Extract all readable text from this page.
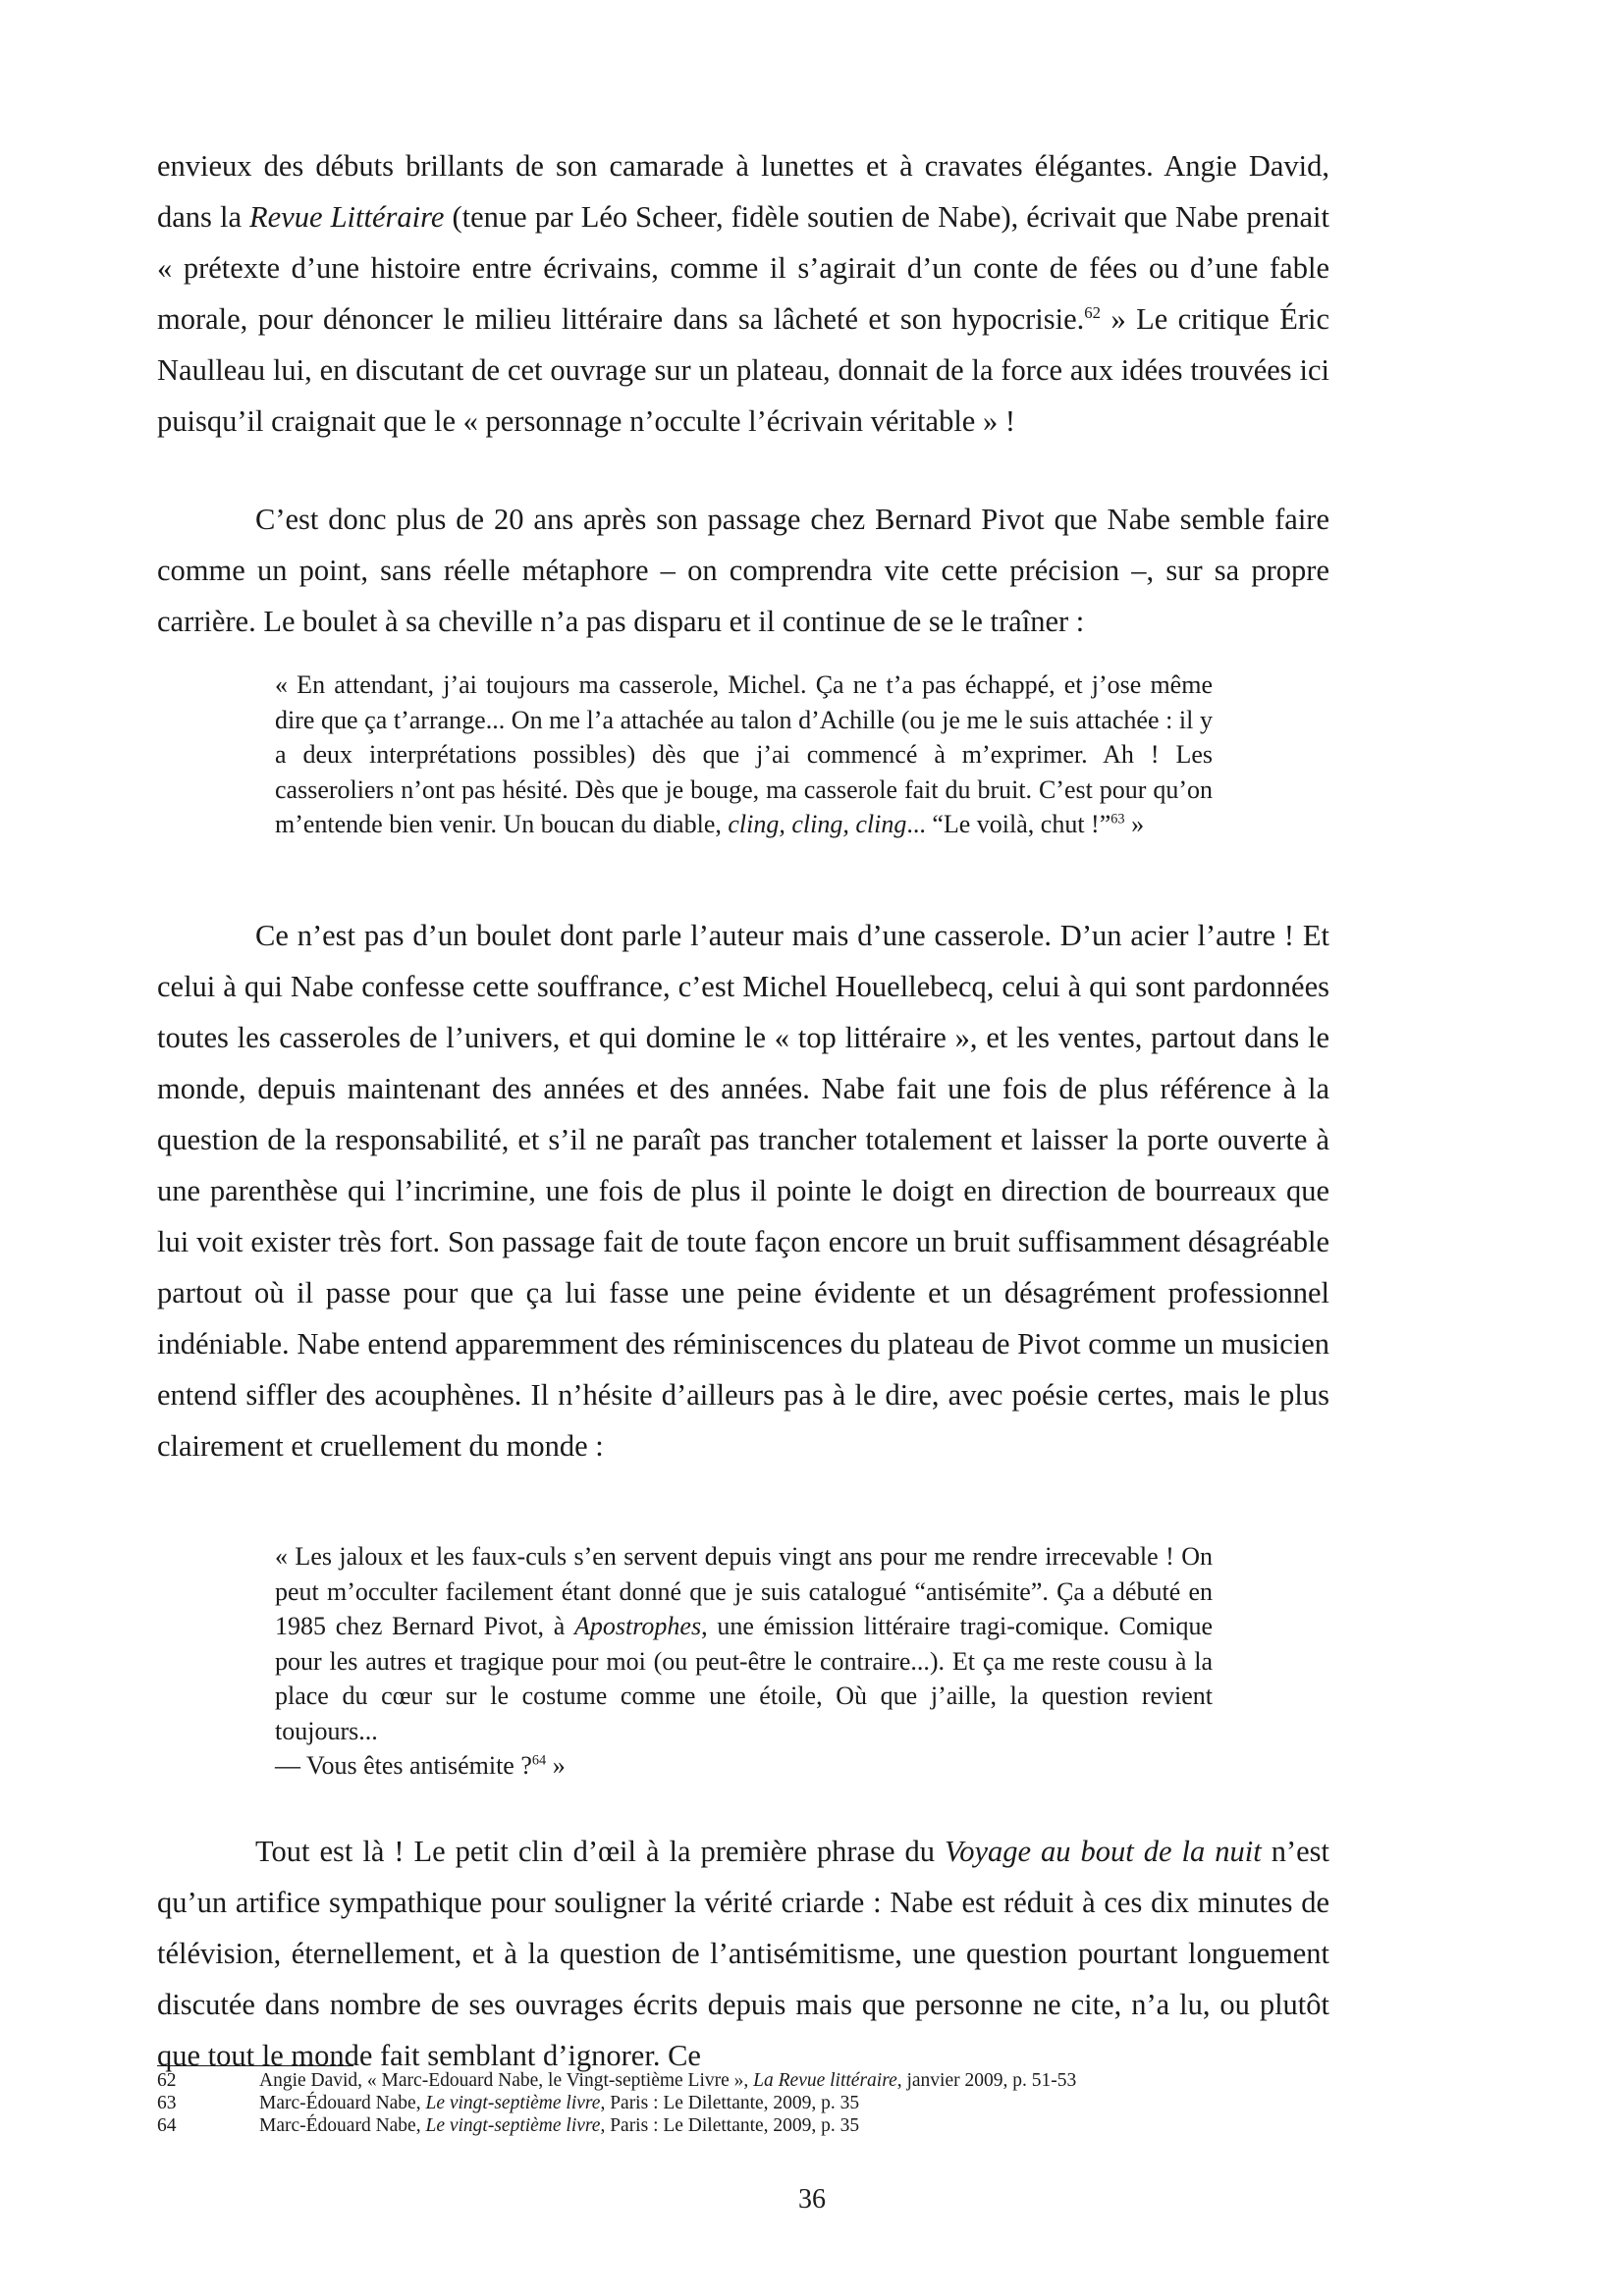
envieux des débuts brillants de son camarade à lunettes et à cravates élégantes. Angie David, dans la Revue Littéraire (tenue par Léo Scheer, fidèle soutien de Nabe), écrivait que Nabe prenait « prétexte d’une histoire entre écrivains, comme il s’agirait d’un conte de fées ou d’une fable morale, pour dénoncer le milieu littéraire dans sa lâcheté et son hypocrisie.$^{62}$ » Le critique Éric Naulleau lui, en discutant de cet ouvrage sur un plateau, donnait de la force aux idées trouvées ici puisqu’il craignait que le « personnage n’occulte l’écrivain véritable » !

C’est donc plus de 20 ans après son passage chez Bernard Pivot que Nabe semble faire comme un point, sans réelle métaphore – on comprendra vite cette précision –, sur sa propre carrière. Le boulet à sa cheville n’a pas disparu et il continue de se le traîner :

« En attendant, j’ai toujours ma casserole, Michel. Ça ne t’a pas échappé, et j’ose même dire que ça t’arrange... On me l’a attachée au talon d’Achille (ou je me le suis attachée : il y a deux interprétations possibles) dès que j’ai commencé à m’exprimer. Ah ! Les casseroliers n’ont pas hésité. Dès que je bouge, ma casserole fait du bruit. C’est pour qu’on m’entende bien venir. Un boucan du diable, cling, cling, cling... “Le voilà, chut !”$^{63}$ »

Ce n’est pas d’un boulet dont parle l’auteur mais d’une casserole. D’un acier l’autre ! Et celui à qui Nabe confesse cette souffrance, c’est Michel Houellebecq, celui à qui sont pardonnées toutes les casseroles de l’univers, et qui domine le « top littéraire », et les ventes, partout dans le monde, depuis maintenant des années et des années. Nabe fait une fois de plus référence à la question de la responsabilité, et s’il ne paraît pas trancher totalement et laisser la porte ouverte à une parenthèse qui l’incrimine, une fois de plus il pointe le doigt en direction de bourreaux que lui voit exister très fort. Son passage fait de toute façon encore un bruit suffisamment désagréable partout où il passe pour que ça lui fasse une peine évidente et un désagrément professionnel indéniable. Nabe entend apparemment des réminiscences du plateau de Pivot comme un musicien entend siffler des acouphènes. Il n’hésite d’ailleurs pas à le dire, avec poésie certes, mais le plus clairement et cruellement du monde :

« Les jaloux et les faux-culs s’en servent depuis vingt ans pour me rendre irrecevable ! On peut m’occulter facilement étant donné que je suis catalogué “antisémite”. Ça a débuté en 1985 chez Bernard Pivot, à Apostrophes, une émission littéraire tragi-comique. Comique pour les autres et tragique pour moi (ou peut-être le contraire...). Et ça me reste cousu à la place du cœur sur le costume comme une étoile, Où que j’aille, la question revient toujours...
— Vous êtes antisémite ?$^{64}$ »

Tout est là ! Le petit clin d’œil à la première phrase du Voyage au bout de la nuit n’est qu’un artifice sympathique pour souligner la vérité criarde : Nabe est réduit à ces dix minutes de télévision, éternellement, et à la question de l’antisémitisme, une question pourtant longuement discutée dans nombre de ses ouvrages écrits depuis mais que personne ne cite, n’a lu, ou plutôt que tout le monde fait semblant d’ignorer. Ce

62	Angie David, « Marc-Edouard Nabe, le Vingt-septième Livre », La Revue littéraire, janvier 2009, p. 51-53
63	Marc-Édouard Nabe, Le vingt-septième livre, Paris : Le Dilettante, 2009, p. 35
64	Marc-Édouard Nabe, Le vingt-septième livre, Paris : Le Dilettante, 2009, p. 35
36
